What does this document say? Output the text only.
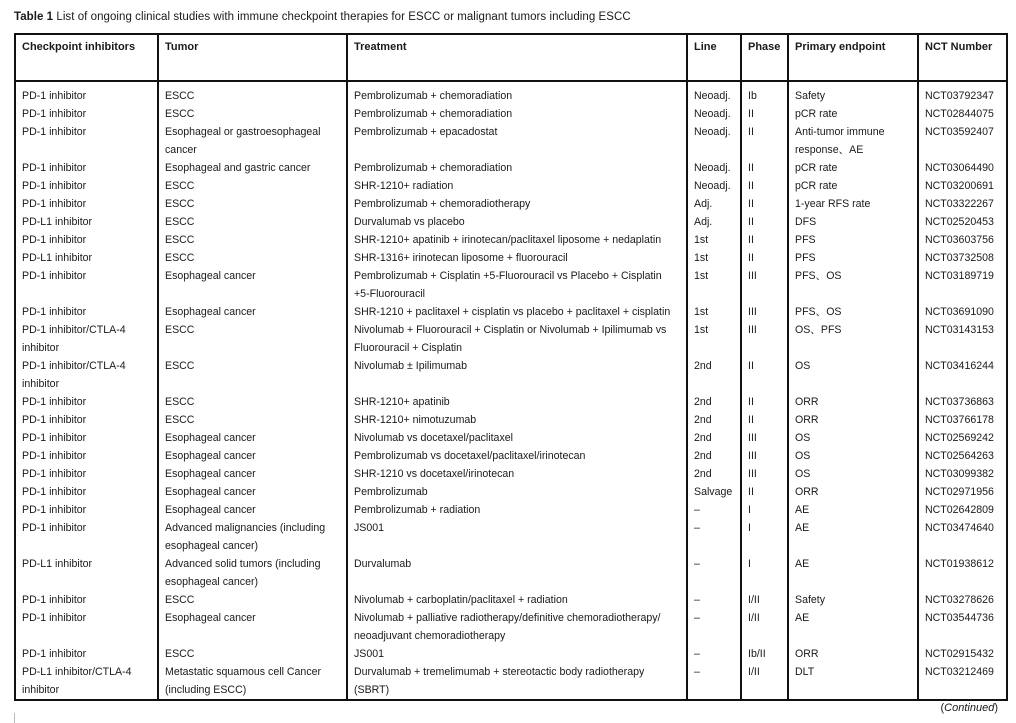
Table 1 List of ongoing clinical studies with immune checkpoint therapies for ESCC or malignant tumors including ESCC
Checkpoint inhibitors	Tumor	Treatment	Line	Phase	Primary endpoint	NCT Number
PD-1 inhibitor	ESCC	Pembrolizumab + chemoradiation	Neoadj.	Ib	Safety	NCT03792347
PD-1 inhibitor	ESCC	Pembrolizumab + chemoradiation	Neoadj.	II	pCR rate	NCT02844075
PD-1 inhibitor	Esophageal or gastroesophageal cancer	Pembrolizumab + epacadostat	Neoadj.	II	Anti-tumor immune response、AE	NCT03592407
PD-1 inhibitor	Esophageal and gastric cancer	Pembrolizumab + chemoradiation	Neoadj.	II	pCR rate	NCT03064490
PD-1 inhibitor	ESCC	SHR-1210+ radiation	Neoadj.	II	pCR rate	NCT03200691
PD-1 inhibitor	ESCC	Pembrolizumab + chemoradiotherapy	Adj.	II	1-year RFS rate	NCT03322267
PD-L1 inhibitor	ESCC	Durvalumab vs placebo	Adj.	II	DFS	NCT02520453
PD-1 inhibitor	ESCC	SHR-1210+ apatinib + irinotecan/paclitaxel liposome + nedaplatin	1st	II	PFS	NCT03603756
PD-L1 inhibitor	ESCC	SHR-1316+ irinotecan liposome + fluorouracil	1st	II	PFS	NCT03732508
PD-1 inhibitor	Esophageal cancer	Pembrolizumab + Cisplatin +5-Fluorouracil vs Placebo + Cisplatin +5-Fluorouracil	1st	III	PFS、OS	NCT03189719
PD-1 inhibitor	Esophageal cancer	SHR-1210 + paclitaxel + cisplatin vs placebo + paclitaxel + cisplatin	1st	III	PFS、OS	NCT03691090
PD-1 inhibitor/CTLA-4 inhibitor	ESCC	Nivolumab + Fluorouracil + Cisplatin or Nivolumab + Ipilimumab vs Fluorouracil + Cisplatin	1st	III	OS、PFS	NCT03143153
PD-1 inhibitor/CTLA-4 inhibitor	ESCC	Nivolumab ± Ipilimumab	2nd	II	OS	NCT03416244
PD-1 inhibitor	ESCC	SHR-1210+ apatinib	2nd	II	ORR	NCT03736863
PD-1 inhibitor	ESCC	SHR-1210+ nimotuzumab	2nd	II	ORR	NCT03766178
PD-1 inhibitor	Esophageal cancer	Nivolumab vs docetaxel/paclitaxel	2nd	III	OS	NCT02569242
PD-1 inhibitor	Esophageal cancer	Pembrolizumab vs docetaxel/paclitaxel/irinotecan	2nd	III	OS	NCT02564263
PD-1 inhibitor	Esophageal cancer	SHR-1210 vs docetaxel/irinotecan	2nd	III	OS	NCT03099382
PD-1 inhibitor	Esophageal cancer	Pembrolizumab	Salvage	II	ORR	NCT02971956
PD-1 inhibitor	Esophageal cancer	Pembrolizumab + radiation	–	I	AE	NCT02642809
PD-1 inhibitor	Advanced malignancies (including esophageal cancer)	JS001	–	I	AE	NCT03474640
PD-L1 inhibitor	Advanced solid tumors (including esophageal cancer)	Durvalumab	–	I	AE	NCT01938612
PD-1 inhibitor	ESCC	Nivolumab + carboplatin/paclitaxel + radiation	–	I/II	Safety	NCT03278626
PD-1 inhibitor	Esophageal cancer	Nivolumab + palliative radiotherapy/definitive chemoradiotherapy/ neoadjuvant chemoradiotherapy	–	I/II	AE	NCT03544736
PD-1 inhibitor	ESCC	JS001	–	Ib/II	ORR	NCT02915432
PD-L1 inhibitor/CTLA-4 inhibitor	Metastatic squamous cell Cancer (including ESCC)	Durvalumab + tremelimumab + stereotactic body radiotherapy (SBRT)	–	I/II	DLT	NCT03212469
(Continued)
